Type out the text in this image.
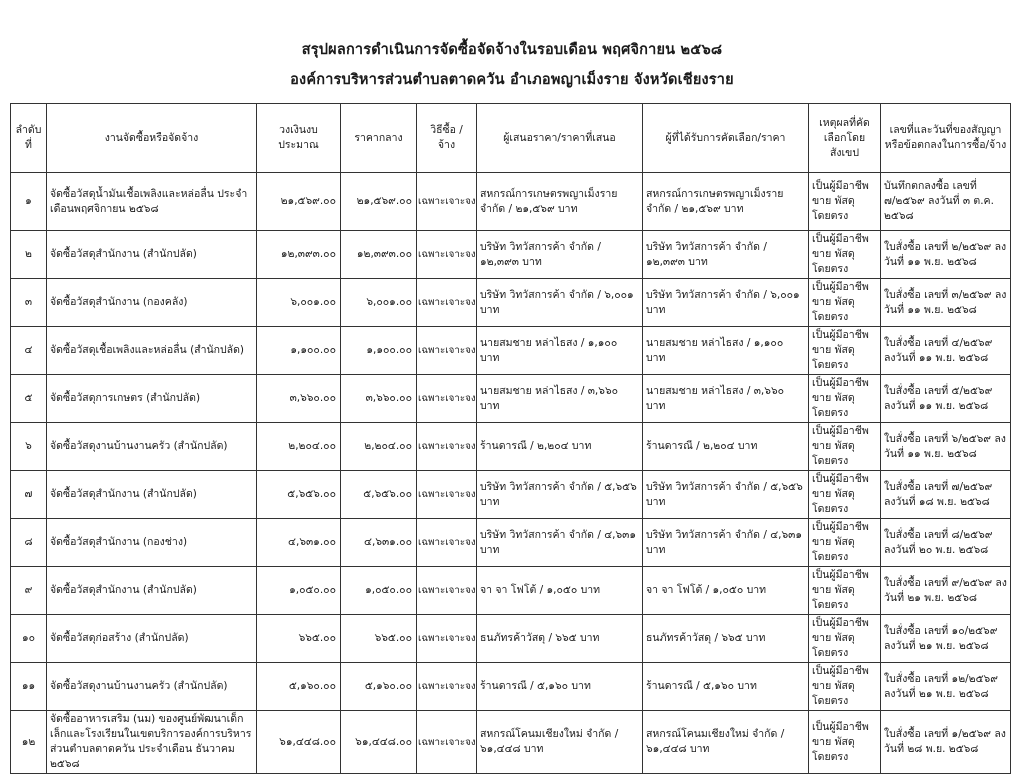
สรุปผลการดำเนินการจัดซื้อจัดจ้างในรอบเดือน พฤศจิกายน ๒๕๖๘
องค์การบริหารส่วนตำบลตาดควัน อำเภอพญาเม็งราย จังหวัดเชียงราย
ลำดับที่	งานจัดซื้อหรือจัดจ้าง	วงเงินงบประมาณ	ราคากลาง	วิธีซื้อ / จ้าง	ผู้เสนอราคา/ราคาที่เสนอ	ผู้ที่ได้รับการคัดเลือก/ราคา	เหตุผลที่คัดเลือกโดยสังเขป	เลขที่และวันที่ของสัญญาหรือข้อตกลงในการซื้อ/จ้าง
๑	จัดซื้อวัสดุน้ำมันเชื้อเพลิงและหล่อลื่น ประจำเดือนพฤศจิกายน ๒๕๖๘	๒๑,๕๖๙.๐๐	๒๑,๕๖๙.๐๐	เฉพาะเจาะจง	สหกรณ์การเกษตรพญาเม็งราย จำกัด / ๒๑,๕๖๙ บาท	สหกรณ์การเกษตรพญาเม็งราย จำกัด / ๒๑,๕๖๙ บาท	เป็นผู้มีอาชีพขาย พัสดุโดยตรง	บันทึกตกลงซื้อ เลขที่ ๗/๒๕๖๙ ลงวันที่ ๓ ต.ค. ๒๕๖๘
๒	จัดซื้อวัสดุสำนักงาน (สำนักปลัด)	๑๒,๓๙๓.๐๐	๑๒,๓๙๓.๐๐	เฉพาะเจาะจง	บริษัท วิทวัสการค้า จำกัด / ๑๒,๓๙๓ บาท	บริษัท วิทวัสการค้า จำกัด / ๑๒,๓๙๓ บาท	เป็นผู้มีอาชีพขาย พัสดุโดยตรง	ใบสั่งซื้อ เลขที่ ๒/๒๕๖๙ ลงวันที่ ๑๑ พ.ย. ๒๕๖๘
๓	จัดซื้อวัสดุสำนักงาน (กองคลัง)	๖,๐๐๑.๐๐	๖,๐๐๑.๐๐	เฉพาะเจาะจง	บริษัท วิทวัสการค้า จำกัด / ๖,๐๐๑ บาท	บริษัท วิทวัสการค้า จำกัด / ๖,๐๐๑ บาท	เป็นผู้มีอาชีพขาย พัสดุโดยตรง	ใบสั่งซื้อ เลขที่ ๓/๒๕๖๙ ลงวันที่ ๑๑ พ.ย. ๒๕๖๘
๔	จัดซื้อวัสดุเชื้อเพลิงและหล่อลื่น (สำนักปลัด)	๑,๑๐๐.๐๐	๑,๑๐๐.๐๐	เฉพาะเจาะจง	นายสมชาย หล่าไธสง / ๑,๑๐๐ บาท	นายสมชาย หล่าไธสง / ๑,๑๐๐ บาท	เป็นผู้มีอาชีพขาย พัสดุโดยตรง	ใบสั่งซื้อ เลขที่ ๔/๒๕๖๙ ลงวันที่ ๑๑ พ.ย. ๒๕๖๘
๕	จัดซื้อวัสดุการเกษตร (สำนักปลัด)	๓,๖๖๐.๐๐	๓,๖๖๐.๐๐	เฉพาะเจาะจง	นายสมชาย หล่าไธสง / ๓,๖๖๐ บาท	นายสมชาย หล่าไธสง / ๓,๖๖๐ บาท	เป็นผู้มีอาชีพขาย พัสดุโดยตรง	ใบสั่งซื้อ เลขที่ ๕/๒๕๖๙ ลงวันที่ ๑๑ พ.ย. ๒๕๖๘
๖	จัดซื้อวัสดุงานบ้านงานครัว (สำนักปลัด)	๒,๒๐๔.๐๐	๒,๒๐๔.๐๐	เฉพาะเจาะจง	ร้านดารณี / ๒,๒๐๔ บาท	ร้านดารณี / ๒,๒๐๔ บาท	เป็นผู้มีอาชีพขาย พัสดุโดยตรง	ใบสั่งซื้อ เลขที่ ๖/๒๕๖๙ ลงวันที่ ๑๑ พ.ย. ๒๕๖๘
๗	จัดซื้อวัสดุสำนักงาน (สำนักปลัด)	๕,๖๕๖.๐๐	๕,๖๕๖.๐๐	เฉพาะเจาะจง	บริษัท วิทวัสการค้า จำกัด / ๕,๖๕๖ บาท	บริษัท วิทวัสการค้า จำกัด / ๕,๖๕๖ บาท	เป็นผู้มีอาชีพขาย พัสดุโดยตรง	ใบสั่งซื้อ เลขที่ ๗/๒๕๖๙ ลงวันที่ ๑๘ พ.ย. ๒๕๖๘
๘	จัดซื้อวัสดุสำนักงาน (กองช่าง)	๔,๖๓๑.๐๐	๔,๖๓๑.๐๐	เฉพาะเจาะจง	บริษัท วิทวัสการค้า จำกัด / ๔,๖๓๑ บาท	บริษัท วิทวัสการค้า จำกัด / ๔,๖๓๑ บาท	เป็นผู้มีอาชีพขาย พัสดุโดยตรง	ใบสั่งซื้อ เลขที่ ๘/๒๕๖๙ ลงวันที่ ๒๐ พ.ย. ๒๕๖๘
๙	จัดซื้อวัสดุสำนักงาน (สำนักปลัด)	๑,๐๕๐.๐๐	๑,๐๕๐.๐๐	เฉพาะเจาะจง	จา จา โฟโต้ / ๑,๐๕๐ บาท	จา จา โฟโต้ / ๑,๐๕๐ บาท	เป็นผู้มีอาชีพขาย พัสดุโดยตรง	ใบสั่งซื้อ เลขที่ ๙/๒๕๖๙ ลงวันที่ ๒๑ พ.ย. ๒๕๖๘
๑๐	จัดซื้อวัสดุก่อสร้าง (สำนักปลัด)	๖๖๕.๐๐	๖๖๕.๐๐	เฉพาะเจาะจง	ธนภัทรค้าวัสดุ / ๖๖๕ บาท	ธนภัทรค้าวัสดุ / ๖๖๕ บาท	เป็นผู้มีอาชีพขาย พัสดุโดยตรง	ใบสั่งซื้อ เลขที่ ๑๐/๒๕๖๙ ลงวันที่ ๒๑ พ.ย. ๒๕๖๘
๑๑	จัดซื้อวัสดุงานบ้านงานครัว (สำนักปลัด)	๕,๑๖๐.๐๐	๕,๑๖๐.๐๐	เฉพาะเจาะจง	ร้านดารณี / ๕,๑๖๐ บาท	ร้านดารณี / ๕,๑๖๐ บาท	เป็นผู้มีอาชีพขาย พัสดุโดยตรง	ใบสั่งซื้อ เลขที่ ๑๒/๒๕๖๙ ลงวันที่ ๒๑ พ.ย. ๒๕๖๘
๑๒	จัดซื้ออาหารเสริม (นม) ของศูนย์พัฒนาเด็กเล็กและโรงเรียนในเขตบริการองค์การบริหารส่วนตำบลตาดควัน ประจำเดือน ธันวาคม ๒๕๖๘	๖๑,๔๔๘.๐๐	๖๑,๔๔๘.๐๐	เฉพาะเจาะจง	สหกรณ์โคนมเชียงใหม่ จำกัด / ๖๑,๔๔๘ บาท	สหกรณ์โคนมเชียงใหม่ จำกัด / ๖๑,๔๔๘ บาท	เป็นผู้มีอาชีพขาย พัสดุโดยตรง	ใบสั่งซื้อ เลขที่ ๑/๒๕๖๙ ลงวันที่ ๒๘ พ.ย. ๒๕๖๘
